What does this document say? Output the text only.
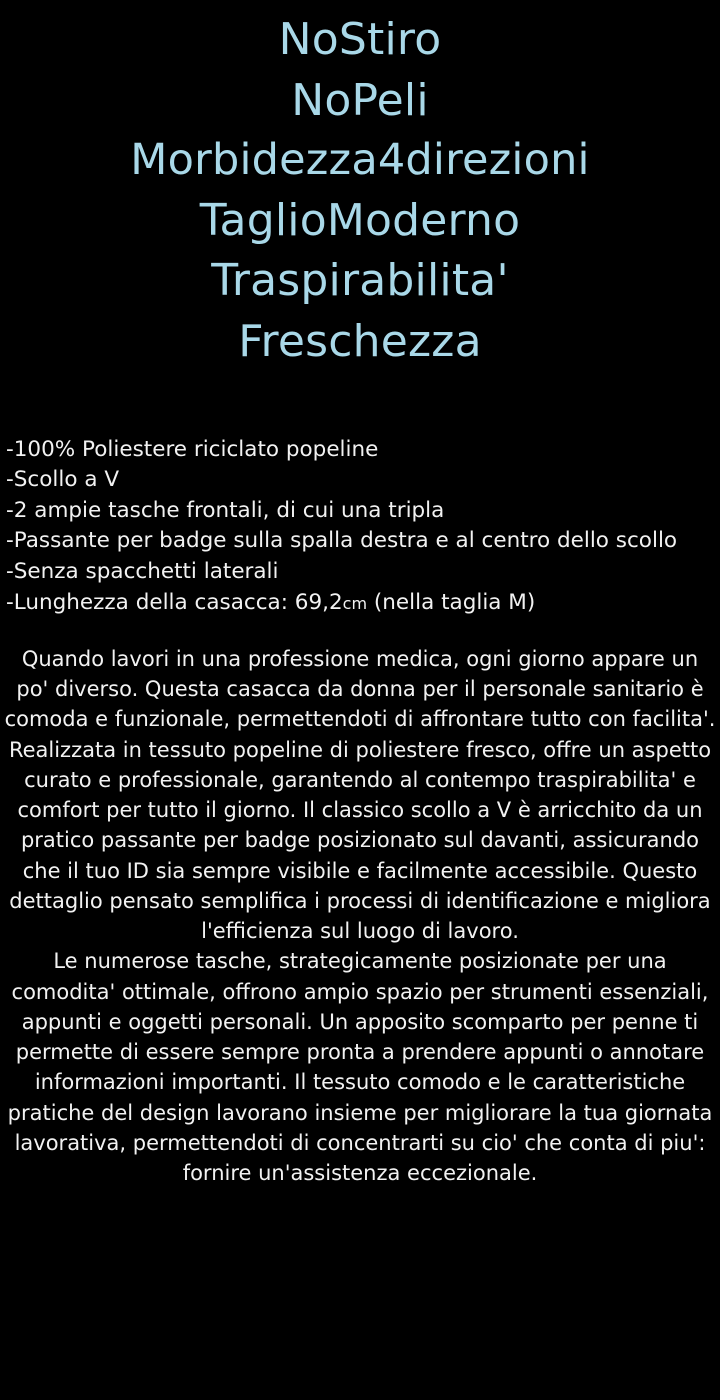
NoStiro
NoPeli
Morbidezza4direzioni
TaglioModerno
Traspirabilita'
Freschezza
-100% Poliestere riciclato popeline
-Scollo a V
-2 ampie tasche frontali, di cui una tripla
-Passante per badge sulla spalla destra e al centro dello scollo
-Senza spacchetti laterali
-Lunghezza della casacca: 69,2cm (nella taglia M)

Quando lavori in una professione medica, ogni giorno appare un po' diverso. Questa casacca da donna per il personale sanitario è comoda e funzionale, permettendoti di affrontare tutto con facilita'.

Realizzata in tessuto popeline di poliestere fresco, offre un aspetto curato e professionale, garantendo al contempo traspirabilita' e comfort per tutto il giorno. Il classico scollo a V è arricchito da un pratico passante per badge posizionato sul davanti, assicurando che il tuo ID sia sempre visibile e facilmente accessibile. Questo dettaglio pensato semplifica i processi di identificazione e migliora l'efficienza sul luogo di lavoro.

Le numerose tasche, strategicamente posizionate per una comodita' ottimale, offrono ampio spazio per strumenti essenziali, appunti e oggetti personali. Un apposito scomparto per penne ti permette di essere sempre pronta a prendere appunti o annotare informazioni importanti. Il tessuto comodo e le caratteristiche pratiche del design lavorano insieme per migliorare la tua giornata lavorativa, permettendoti di concentrarti su cio' che conta di piu': fornire un'assistenza eccezionale.
